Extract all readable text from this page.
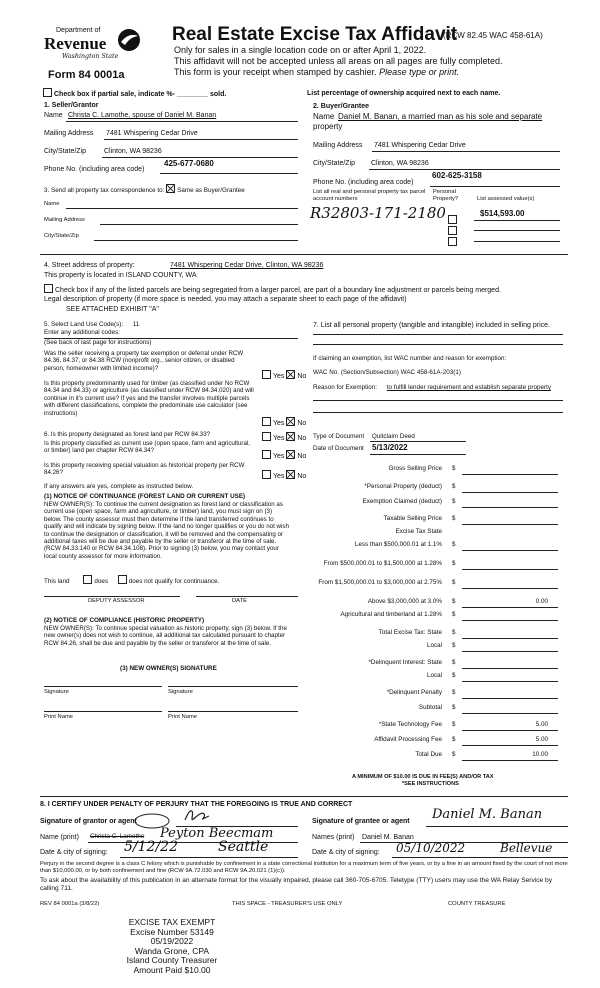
Department of
Revenue
Washington State
Form 84 0001a
Real Estate Excise Tax Affidavit
(RCW 82.45 WAC 458-61A)
Only for sales in a single location code on or after April 1, 2022.
This affidavit will not be accepted unless all areas on all pages are fully completed.
This form is your receipt when stamped by cashier. Please type or print.
Check box if partial sale, indicate %- ________ sold.	List percentage of ownership acquired next to each name.
1. Seller/Grantor
Name Christa C. Lamothe, spouse of Daniel M. Banan
Mailing Address 7481 Whispering Cedar Drive
City/State/Zip	Clinton, WA 98236
Phone No. (including area code)
425-677-0680
2. Buyer/Grantee
Name Daniel M. Banan, a married man as his sole and separate
property
Mailing Address 7481 Whispering Cedar Drive
City/State/Zip Clinton, WA 98236
602-625-3158
Phone No. (including area code)
List all real and personal property tax parcel account numbers
Personal Property?	List assessed value(s)
R32803-171-2180	$514,593.00
3. Send all property tax correspondence to: Same as Buyer/Grantee
Name
Mailing Address
City/State/Zip
4. Street address of property:	7481 Whispering Cedar Drive, Clinton, WA 98236
This property is located in ISLAND COUNTY, WA
Check box if any of the listed parcels are being segregated from a larger parcel, are part of a boundary line adjustment or parcels being merged.
Legal description of property (if more space is needed, you may attach a separate sheet to each page of the affidavit)
SEE ATTACHED EXHIBIT "A"
5. Select Land Use Code(s): 11
Enter any additional codes:
(See back of last page for instructions)
Was the seller receiving a property tax exemption or deferral under RCW 84.36, 84.37, or 84.38 RCW (nonprofit org., senior citizen, or disabled person, homeowner with limited income)?
Yes No
Is this property predominantly used for timber (as classified under No RCW 84.34 and 84.33) or agriculture (as classified under RCW 84.34.020) and will continue in it's current use? If yes and the transfer involves multiple parcels with different classifications, complete the predominate use calculator (see instructions)
Yes No
6. Is this property designated as forest land per RCW 84.33?
Yes No
Is this property classified as current use (open space, farm and agricultural, or timber) land per chapter RCW 84.34?
Yes No
Is this property receiving special valuation as historical property per RCW 84.26?
Yes No
If any answers are yes, complete as instructed below.
(1) NOTICE OF CONTINUANCE (FOREST LAND OR CURRENT USE)
NEW OWNER(S): To continue the current designation as forest land or classification as current use (open space, farm and agriculture, or timber) land, you must sign on (3) below. The county assessor must then determine if the land transferred continues to qualify and will indicate by signing below. If the land no longer qualifies or you do not wish to continue the designation or classification, it will be removed and the compensating or additional taxes will be due and payable by the seller or transferor at the time of sale. (RCW 84.33.140 or RCW 84.34.108). Prior to signing (3) below, you may contact your local county assessor for more information.
This land	does	does not qualify for continuance.
DEPUTY ASSESSOR	DATE
(2) NOTICE OF COMPLIANCE (HISTORIC PROPERTY)
NEW OWNER(S): To continue special valuation as historic property, sign (3) below. If the new owner(s) does not wish to continue, all additional tax calculated pursuant to chapter RCW 84.26, shall be due and payable by the seller or transferor at the time of sale.
(3) NEW OWNER(S) SIGNATURE
Signature	Signature
Print Name	Print Name
7. List all personal property (tangible and intangible) included in selling price.
If claiming an exemption, list WAC number and reason for exemption:
WAC No. (Section/Subsection) WAC 458-61A-203(1)
Reason for Exemption: to fulfill lender requirement and establish separate property
Type of Document Quitclaim Deed
Date of Document 5/13/2022
Gross Selling Price $
*Personal Property (deduct) $
Exemption Claimed (deduct) $
Taxable Selling Price $
Excise Tax State
Less than $500,000.01 at 1.1% $
From $500,000.01 to $1,500,000 at 1.28% $
From $1,500,000.01 to $3,000,000 at 2.75% $
Above $3,000,000 at 3.0% $	0.00
Agricultural and timberland at 1.28% $
Total Excise Tax: State $
Local $
*Delinquent Interest: State $
Local $
*Delinquent Penalty $
Subtotal $
*State Technology Fee $	5.00
Affidavit Processing Fee $	5.00
Total Due $	10.00
A MINIMUM OF $10.00 IS DUE IN FEE(S) AND/OR TAX
*SEE INSTRUCTIONS
8. I CERTIFY UNDER PENALTY OF PERJURY THAT THE FOREGOING IS TRUE AND CORRECT
Signature of grantor or agent	Signature of grantee or agent Daniel M. Banan
Name (print) Christa C. Lamothe Peyton Beecmam	Names (print) Daniel M. Banan
Date & city of signing: 5/12/22	Seattle	Date & city of signing: 05/10/2022	Bellevue
Perjury in the second degree is a class C felony which is punishable by confinement in a state correctional institution for a maximum term of five years, or by a fine in an amount fixed by the court of not more than $10,000.00, or by both confinement and fine (RCW 9A.72.030 and RCW 9A.20.021 (1)(c)).
To ask about the availability of this publication in an alternate format for the visually impaired, please call 360-705-6705. Teletype (TTY) users may use the WA Relay Service by calling 711.
REV 84 0001a (3/8/22)	THIS SPACE - TREASURER'S USE ONLY	COUNTY TREASURE
EXCISE TAX EXEMPT
Excise Number 53149
05/19/2022
Wanda Grone, CPA
Island County Treasurer
Amount Paid $10.00
